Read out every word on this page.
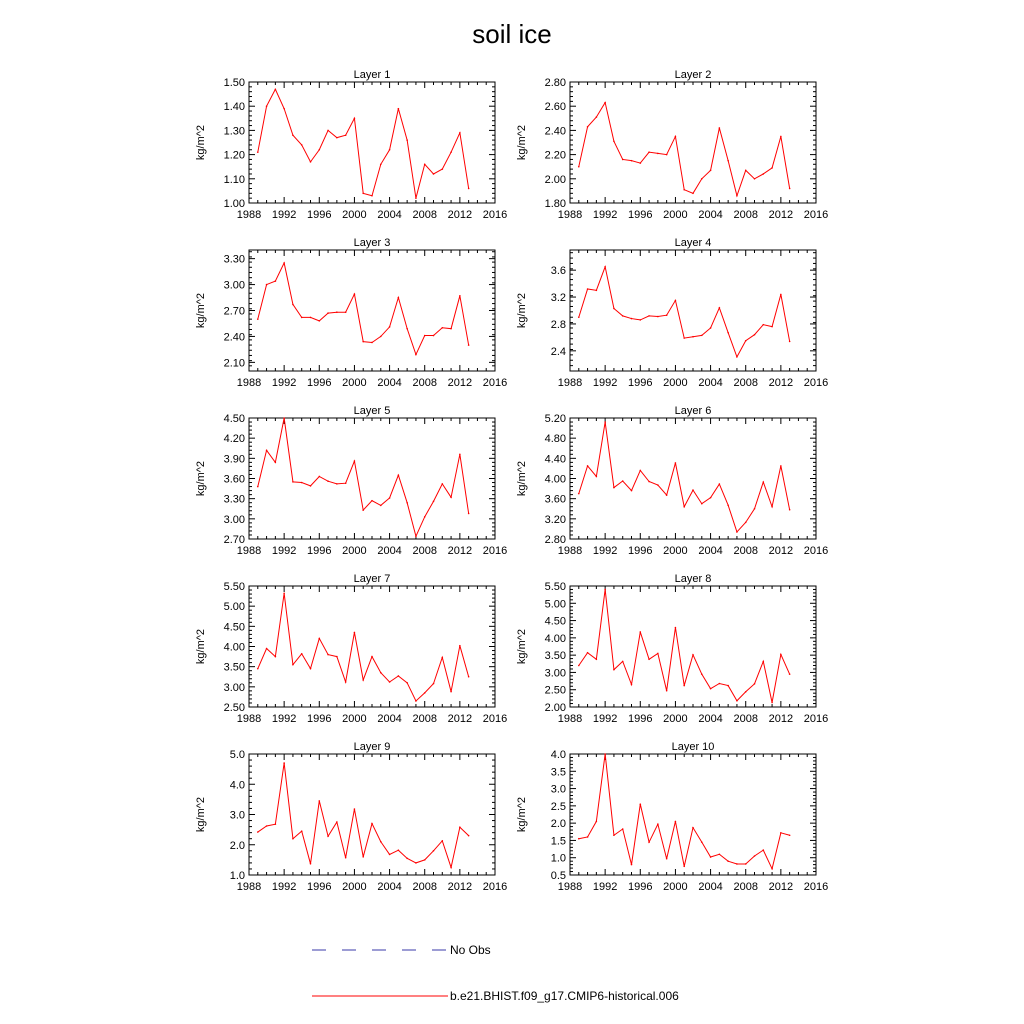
soil ice
Layer 1
kg/m^2
1988 1992 1996 2000 2004 2008 2012 2016
1.00
1.10
1.20
1.30
1.40
1.50
Layer 2
kg/m^2
1988 1992 1996 2000 2004 2008 2012 2016
1.80
2.00
2.20
2.40
2.60
2.80
Layer 3
kg/m^2
1988 1992 1996 2000 2004 2008 2012 2016
2.10
2.40
2.70
3.00
3.30
Layer 4
kg/m^2
1988 1992 1996 2000 2004 2008 2012 2016
2.4
2.8
3.2
3.6
Layer 5
kg/m^2
1988 1992 1996 2000 2004 2008 2012 2016
2.70
3.00
3.30
3.60
3.90
4.20
4.50
Layer 6
kg/m^2
1988 1992 1996 2000 2004 2008 2012 2016
2.80
3.20
3.60
4.00
4.40
4.80
5.20
Layer 7
kg/m^2
1988 1992 1996 2000 2004 2008 2012 2016
2.50
3.00
3.50
4.00
4.50
5.00
5.50
Layer 8
kg/m^2
1988 1992 1996 2000 2004 2008 2012 2016
2.00
2.50
3.00
3.50
4.00
4.50
5.00
5.50
Layer 9
kg/m^2
1988 1992 1996 2000 2004 2008 2012 2016
1.0
2.0
3.0
4.0
5.0
Layer 10
kg/m^2
1988 1992 1996 2000 2004 2008 2012 2016
0.5
1.0
1.5
2.0
2.5
3.0
3.5
4.0
No Obs
b.e21.BHIST.f09_g17.CMIP6-historical.006
